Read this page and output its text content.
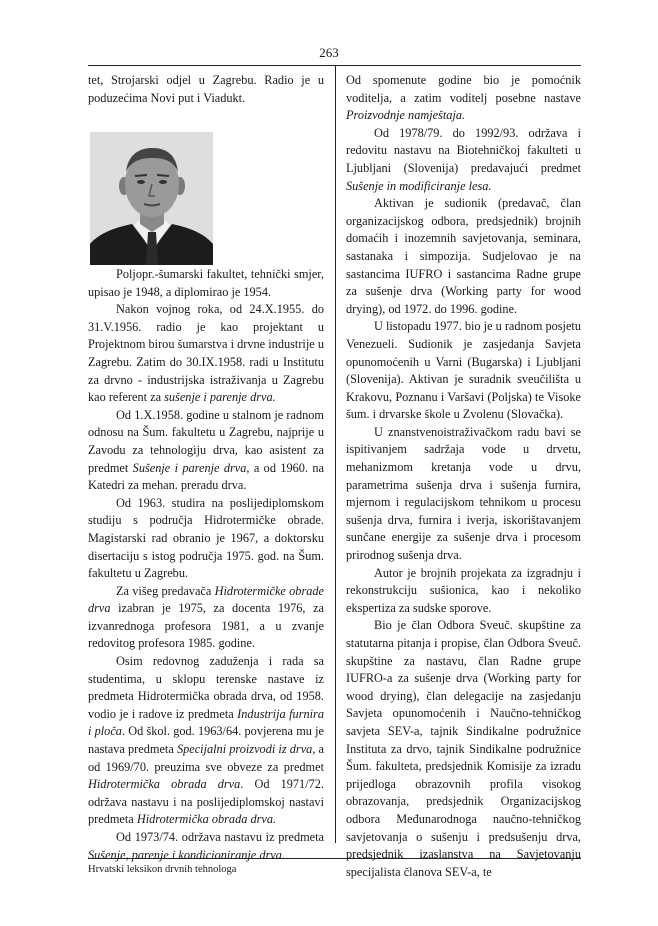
263

tet, Strojarski odjel u Zagrebu. Radio je u poduzećima Novi put i Viadukt.

Poljopr.-šumarski fakultet, tehnički smjer, upisao je 1948, a diplomirao je 1954.

Nakon vojnog roka, od 24.X.1955. do 31.V.1956. radio je kao projektant u Projektnom birou šumarstva i drvne industrije u Zagrebu. Zatim do 30.IX.1958. radi u Institutu za drvno - industrijska istraživanja u Zagrebu kao referent za sušenje i parenje drva.

Od 1.X.1958. godine u stalnom je radnom odnosu na Šum. fakultetu u Zagrebu, najprije u Zavodu za tehnologiju drva, kao asistent za predmet Sušenje i parenje drva, a od 1960. na Katedri za mehan. preradu drva.

Od 1963. studira na poslijediplomskom studiju s područja Hidrotermičke obrade. Magistarski rad obranio je 1967, a doktorsku disertaciju s istog područja 1975. god. na Šum. fakultetu u Zagrebu.

Za višeg predavača Hidrotermičke obrade drva izabran je 1975, za docenta 1976, za izvanrednoga profesora 1981, a u zvanje redovitog profesora 1985. godine.

Osim redovnog zaduženja i rada sa studentima, u sklopu terenske nastave iz predmeta Hidrotermička obrada drva, od 1958. vodio je i radove iz predmeta Industrija furnira i ploča. Od škol. god. 1963/64. povjerena mu je nastava predmeta Specijalni proizvodi iz drva, a od 1969/70. preuzima sve obveze za predmet Hidrotermička obrada drva. Od 1971/72. održava nastavu i na poslijediplomskoj nastavi predmeta Hidrotermička obrada drva.

Od 1973/74. održava nastavu iz predmeta Sušenje, parenje i kondicioniranje drva.

Od spomenute godine bio je pomoćnik voditelja, a zatim voditelj posebne nastave Proizvodnje namještaja.

Od 1978/79. do 1992/93. održava i redovitu nastavu na Biotehničkoj fakulteti u Ljubljani (Slovenija) predavajući predmet Sušenje in modificiranje lesa.

Aktivan je sudionik (predavač, član organizacijskog odbora, predsjednik) brojnih domaćih i inozemnih savjetovanja, seminara, sastanaka i simpozija. Sudjelovao je na sastancima IUFRO i sastancima Radne grupe za sušenje drva (Working party for wood drying), od 1972. do 1996. godine.

U listopadu 1977. bio je u radnom posjetu Venezueli. Sudionik je zasjedanja Savjeta opunomoćenih u Varni (Bugarska) i Ljubljani (Slovenija). Aktivan je suradnik sveučilišta u Krakovu, Poznanu i Varšavi (Poljska) te Visoke šum. i drvarske škole u Zvolenu (Slovačka).

U znanstvenoistraživačkom radu bavi se ispitivanjem sadržaja vode u drvetu, mehanizmom kretanja vode u drvu, parametrima sušenja drva i sušenja furnira, mjernom i regulacijskom tehnikom u procesu sušenja drva, furnira i iverja, iskorištavanjem sunčane energije za sušenje drva i procesom prirodnog sušenja drva.

Autor je brojnih projekata za izgradnju i rekonstrukciju sušionica, kao i nekoliko ekspertiza za sudske sporove.

Bio je član Odbora Sveuč. skupštine za statutarna pitanja i propise, član Odbora Sveuč. skupštine za nastavu, član Radne grupe IUFRO-a za sušenje drva (Working party for wood drying), član delegacije na zasjedanju Savjeta opunomoćenih i Naučno-tehničkog savjeta SEV-a, tajnik Sindikalne podružnice Instituta za drvo, tajnik Sindikalne podružnice Šum. fakulteta, predsjednik Komisije za izradu prijedloga obrazovnih profila visokog obrazovanja, predsjednik Organizacijskog odbora Međunarodnoga naučno-tehničkog savjetovanja o sušenju i predsušenju drva, predsjednik izaslanstva na Savjetovanju specijalista članova SEV-a, te

Hrvatski leksikon drvnih tehnologa
